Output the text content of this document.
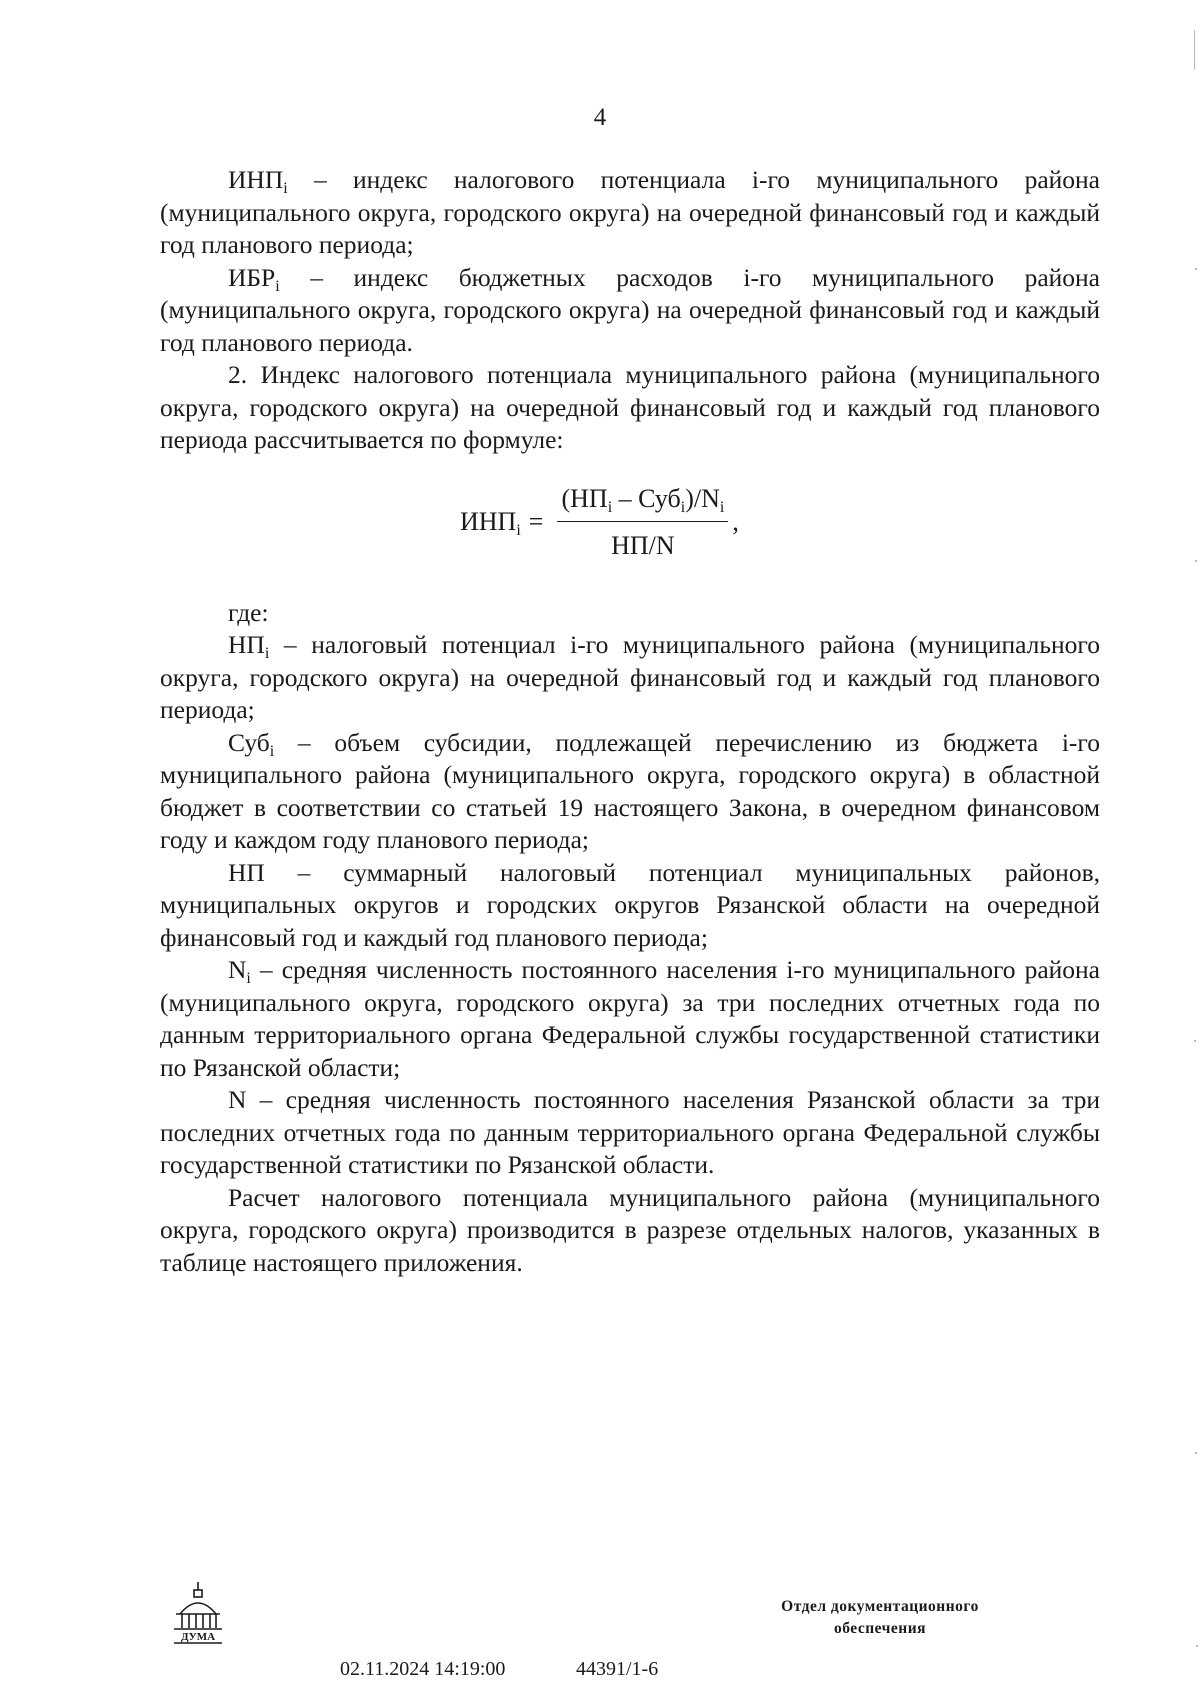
4

$ИНП_i$ – индекс налогового потенциала i-го муниципального района (муниципального округа, городского округа) на очередной финансовый год и каждый год планового периода;

$ИБР_i$ – индекс бюджетных расходов i-го муниципального района (муниципального округа, городского округа) на очередной финансовый год и каждый год планового периода.

2. Индекс налогового потенциала муниципального района (муниципального округа, городского округа) на очередной финансовый год и каждый год планового периода рассчитывается по формуле:

$ИНП_i = \frac{(НП_i - Суб_i)/N_i}{НП/N}$ ,

где:

$НП_i$ – налоговый потенциал i-го муниципального района (муниципального округа, городского округа) на очередной финансовый год и каждый год планового периода;

Суб$_i$ – объем субсидии, подлежащей перечислению из бюджета i-го муниципального района (муниципального округа, городского округа) в областной бюджет в соответствии со статьей 19 настоящего Закона, в очередном финансовом году и каждом году планового периода;

НП – суммарный налоговый потенциал муниципальных районов, муниципальных округов и городских округов Рязанской области на очередной финансовый год и каждый год планового периода;

$N_i$ – средняя численность постоянного населения i-го муниципального района (муниципального округа, городского округа) за три последних отчетных года по данным территориального органа Федеральной службы государственной статистики по Рязанской области;

N – средняя численность постоянного населения Рязанской области за три последних отчетных года по данным территориального органа Федеральной службы государственной статистики по Рязанской области.

Расчет налогового потенциала муниципального района (муниципального округа, городского округа) производится в разрезе отдельных налогов, указанных в таблице настоящего приложения.

ДУМА
02.11.2024 14:19:00	44391/1-6
Отдел документационного
обеспечения
